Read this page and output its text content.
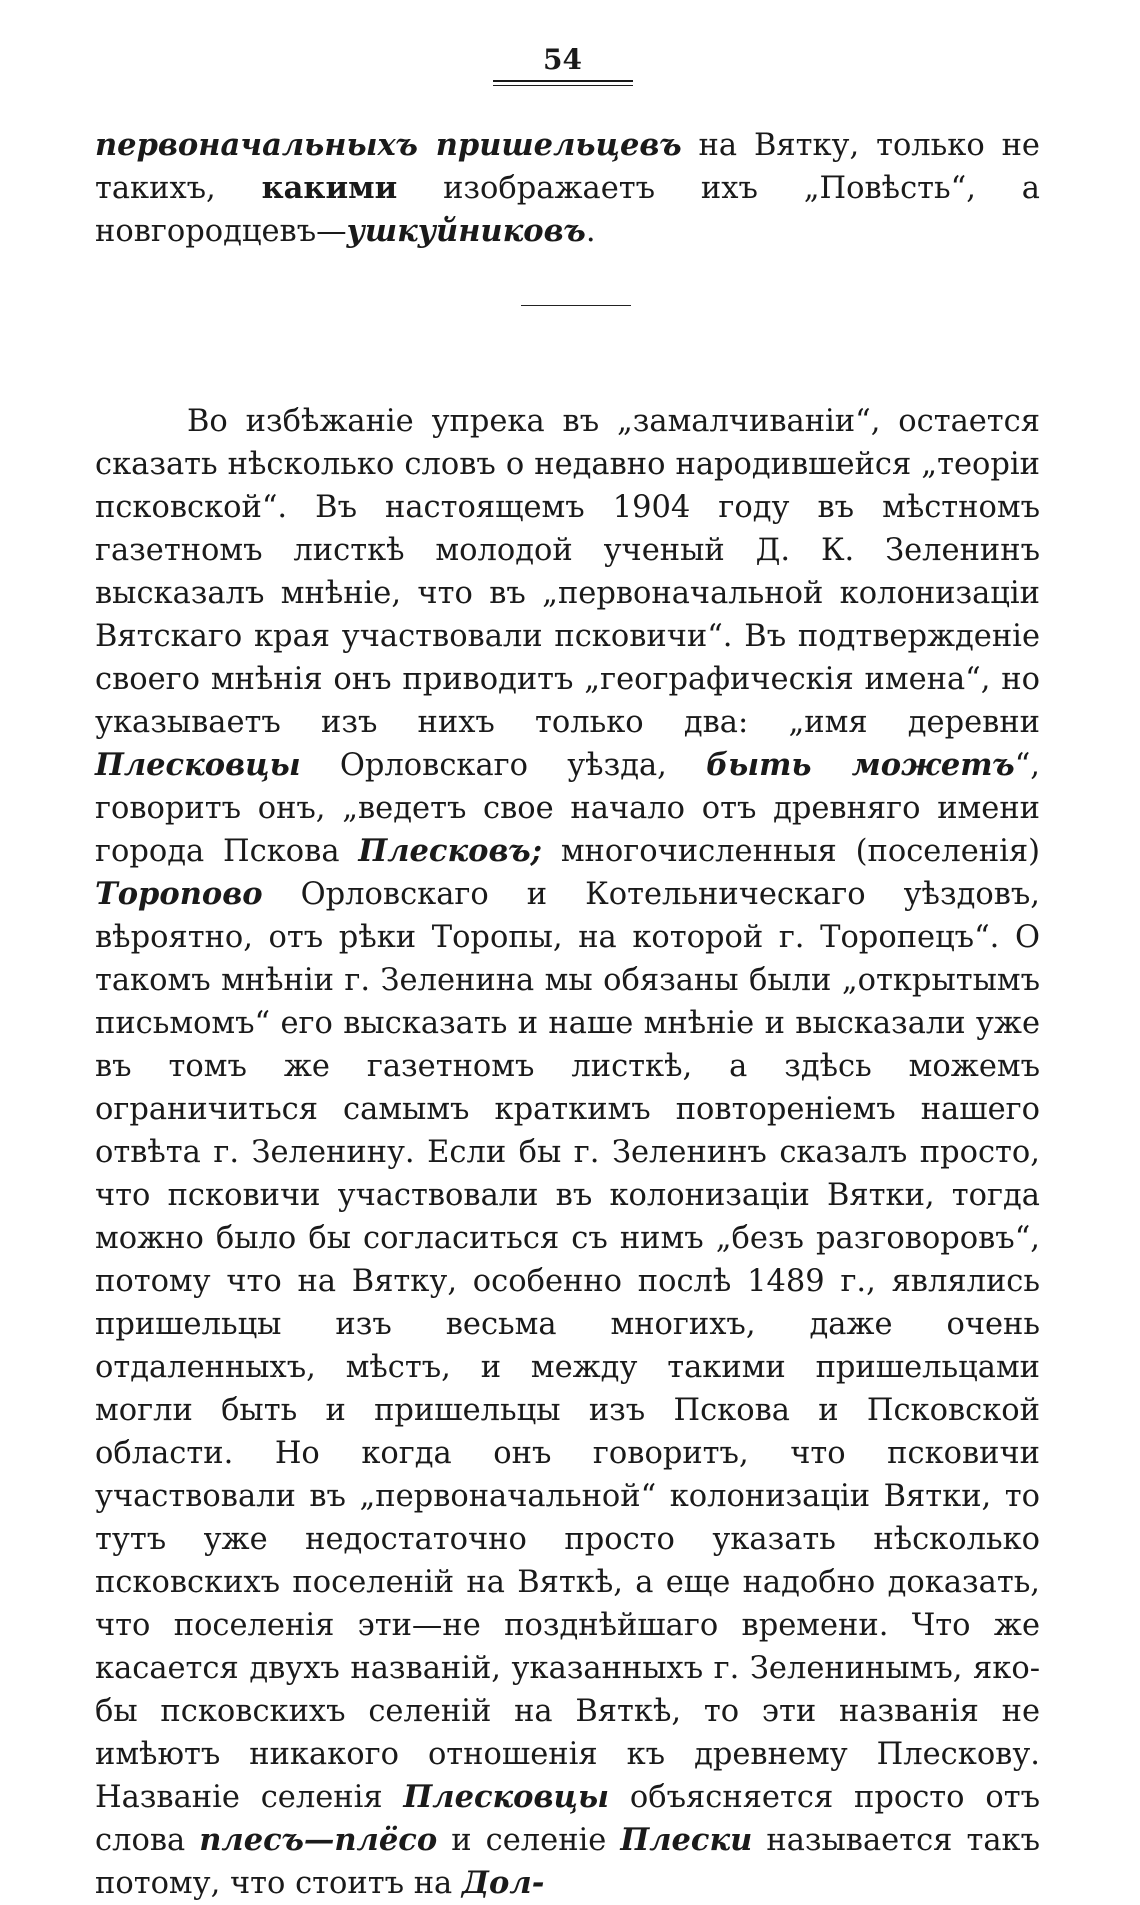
54

первоначальныхъ пришельцевъ на Вятку, только не такихъ, какими изображаетъ ихъ „Повѣсть“, а новгородцевъ—ушкуйниковъ.

Во избѣжаніе упрека въ „замалчиваніи“, остается сказать нѣсколько словъ о недавно народившейся „теоріи псковской“. Въ настоящемъ 1904 году въ мѣстномъ газетномъ листкѣ молодой ученый Д. К. Зеленинъ высказалъ мнѣніе, что въ „первоначальной колонизаціи Вятскаго края участвовали псковичи“. Въ подтвержденіе своего мнѣнія онъ приводитъ „географическія имена“, но указываетъ изъ нихъ только два: „имя деревни Плесковцы Орловскаго уѣзда, быть можетъ“, говоритъ онъ, „ведетъ свое начало отъ древняго имени города Пскова Плесковъ; многочисленныя (поселенія) Торопово Орловскаго и Котельническаго уѣздовъ, вѣроятно, отъ рѣки Торопы, на которой г. Торопецъ“. О такомъ мнѣніи г. Зеленина мы обязаны были „открытымъ письмомъ“ его высказать и наше мнѣніе и высказали уже въ томъ же газетномъ листкѣ, а здѣсь можемъ ограничиться самымъ краткимъ повтореніемъ нашего отвѣта г. Зеленину. Если бы г. Зеленинъ сказалъ просто, что псковичи участвовали въ колонизаціи Вятки, тогда можно было бы согласиться съ нимъ „безъ разговоровъ“, потому что на Вятку, особенно послѣ 1489 г., являлись пришельцы изъ весьма многихъ, даже очень отдаленныхъ, мѣстъ, и между такими пришельцами могли быть и пришельцы изъ Пскова и Псковской области. Но когда онъ говоритъ, что псковичи участвовали въ „первоначальной“ колонизаціи Вятки, то тутъ уже недостаточно просто указать нѣсколько псковскихъ поселеній на Вяткѣ, а еще надобно доказать, что поселенія эти—не позднѣйшаго времени. Что же касается двухъ названій, указанныхъ г. Зеленинымъ, яко-бы псковскихъ селеній на Вяткѣ, то эти названія не имѣютъ никакого отношенія къ древнему Плескову. Названіе селенія Плесковцы объясняется просто отъ слова плесъ—плёсо и селеніе Плески называется такъ потому, что стоитъ на Дол-
